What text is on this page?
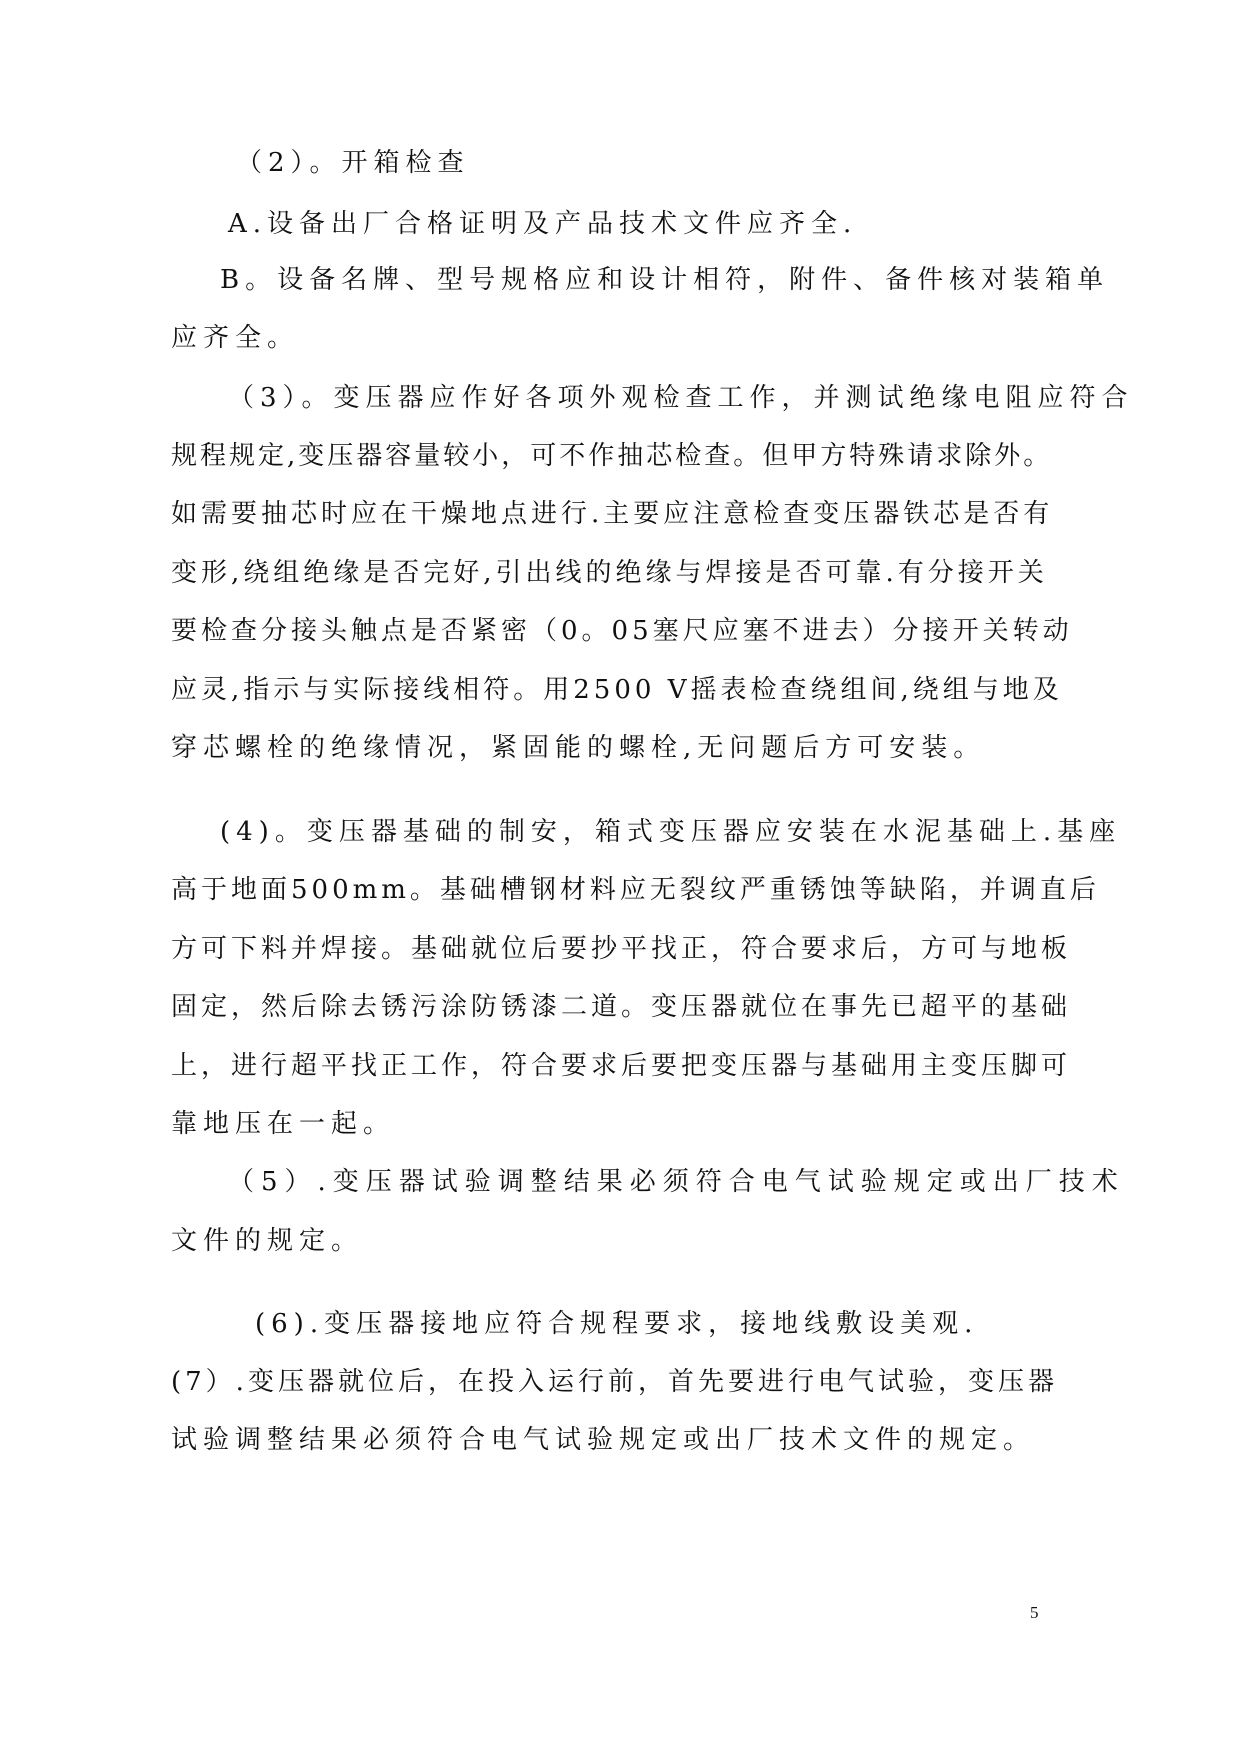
（2）。开箱检查
A.设备出厂合格证明及产品技术文件应齐全.
B。设备名牌、型号规格应和设计相符，附件、备件核对装箱单
应齐全。
（3）。变压器应作好各项外观检查工作，并测试绝缘电阻应符合
规程规定,变压器容量较小，可不作抽芯检查。但甲方特殊请求除外。
如需要抽芯时应在干燥地点进行.主要应注意检查变压器铁芯是否有
变形,绕组绝缘是否完好,引出线的绝缘与焊接是否可靠.有分接开关
要检查分接头触点是否紧密（0。05塞尺应塞不进去）分接开关转动
应灵,指示与实际接线相符。用2500 V摇表检查绕组间,绕组与地及
穿芯螺栓的绝缘情况，紧固能的螺栓,无问题后方可安装。
(4)。变压器基础的制安，箱式变压器应安装在水泥基础上.基座
高于地面500mm。基础槽钢材料应无裂纹严重锈蚀等缺陷，并调直后
方可下料并焊接。基础就位后要抄平找正，符合要求后，方可与地板
固定，然后除去锈污涂防锈漆二道。变压器就位在事先已超平的基础
上，进行超平找正工作，符合要求后要把变压器与基础用主变压脚可
靠地压在一起。
（5）.变压器试验调整结果必须符合电气试验规定或出厂技术
文件的规定。
(6).变压器接地应符合规程要求，接地线敷设美观.
(7）.变压器就位后，在投入运行前，首先要进行电气试验，变压器
试验调整结果必须符合电气试验规定或出厂技术文件的规定。
5
